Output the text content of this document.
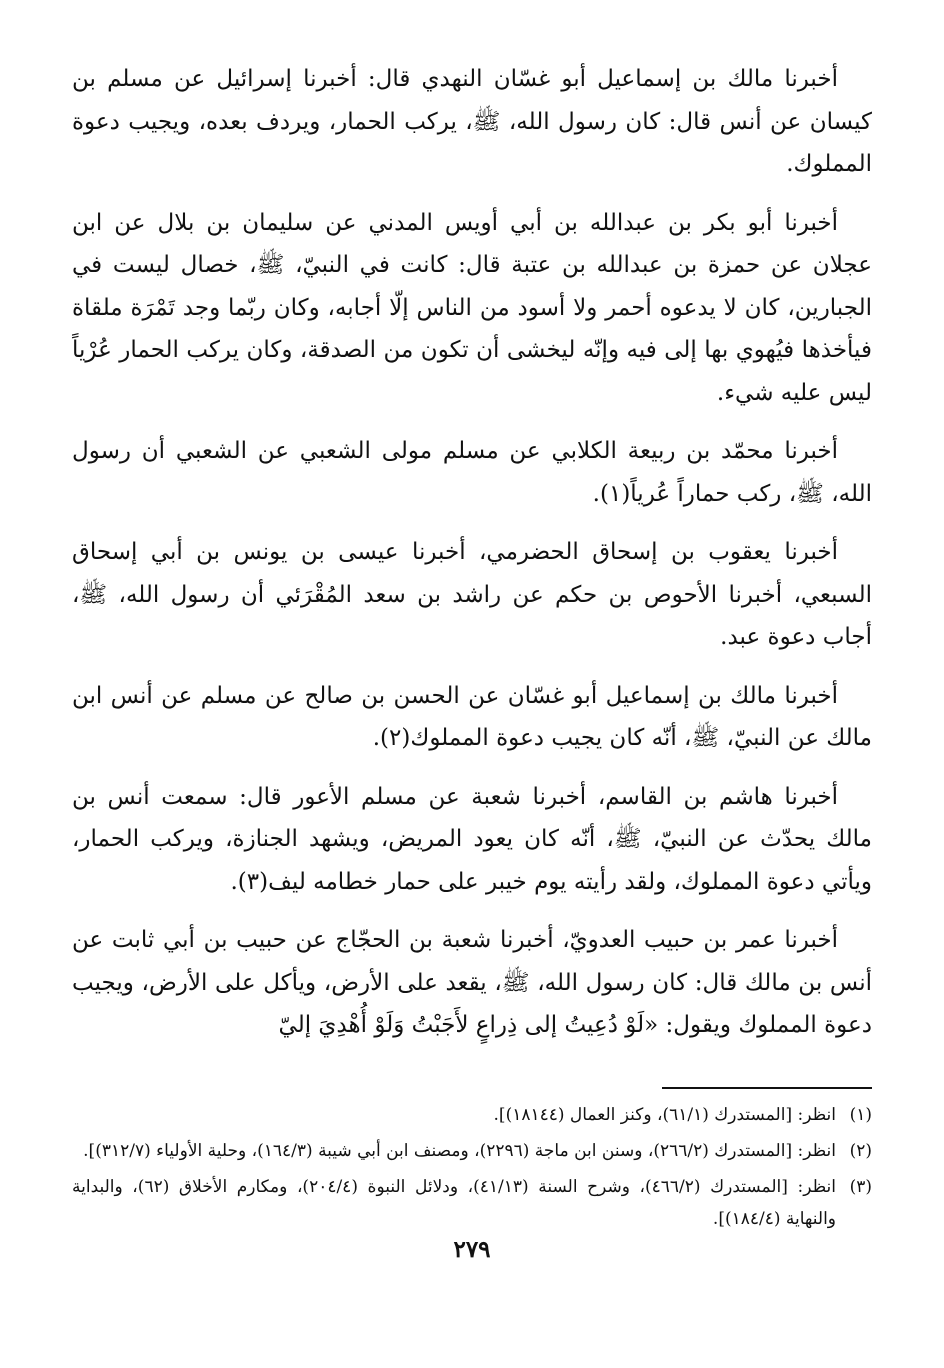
أخبرنا مالك بن إسماعيل أبو غسّان النهدي قال: أخبرنا إسرائيل عن مسلم بن كيسان عن أنس قال: كان رسول الله، ﷺ، يركب الحمار، ويردف بعده، ويجيب دعوة المملوك.

أخبرنا أبو بكر بن عبدالله بن أبي أويس المدني عن سليمان بن بلال عن ابن عجلان عن حمزة بن عبدالله بن عتبة قال: كانت في النبيّ، ﷺ، خصال ليست في الجبارين، كان لا يدعوه أحمر ولا أسود من الناس إلّا أجابه، وكان ربّما وجد تَمْرَة ملقاة فيأخذها فيُهوي بها إلى فيه وإنّه ليخشى أن تكون من الصدقة، وكان يركب الحمار عُرْياً ليس عليه شيء.

أخبرنا محمّد بن ربيعة الكلابي عن مسلم مولى الشعبي عن الشعبي أن رسول الله، ﷺ، ركب حماراً عُرياً(١).

أخبرنا يعقوب بن إسحاق الحضرمي، أخبرنا عيسى بن يونس بن أبي إسحاق السبعي، أخبرنا الأحوص بن حكم عن راشد بن سعد المُقْرَئي أن رسول الله، ﷺ، أجاب دعوة عبد.

أخبرنا مالك بن إسماعيل أبو غسّان عن الحسن بن صالح عن مسلم عن أنس ابن مالك عن النبيّ، ﷺ، أنّه كان يجيب دعوة المملوك(٢).

أخبرنا هاشم بن القاسم، أخبرنا شعبة عن مسلم الأعور قال: سمعت أنس بن مالك يحدّث عن النبيّ، ﷺ، أنّه كان يعود المريض، ويشهد الجنازة، ويركب الحمار، ويأتي دعوة المملوك، ولقد رأيته يوم خيبر على حمار خطامه ليف(٣).

أخبرنا عمر بن حبيب العدويّ، أخبرنا شعبة بن الحجّاج عن حبيب بن أبي ثابت عن أنس بن مالك قال: كان رسول الله، ﷺ، يقعد على الأرض، ويأكل على الأرض، ويجيب دعوة المملوك ويقول: «لَوْ دُعِيتُ إلى ذِراعٍ لأَجَبْتُ وَلَوْ أُهْدِيَ إليّ

(١)
انظر: [المستدرك (٦١/١)، وكنز العمال (١٨١٤٤)].

(٢)
انظر: [المستدرك (٢٦٦/٢)، وسنن ابن ماجة (٢٢٩٦)، ومصنف ابن أبي شيبة (١٦٤/٣)، وحلية الأولياء (٣١٢/٧)].

(٣)
انظر: [المستدرك (٤٦٦/٢)، وشرح السنة (٤١/١٣)، ودلائل النبوة (٢٠٤/٤)، ومكارم الأخلاق (٦٢)، والبداية والنهاية (١٨٤/٤)].

٢٧٩
